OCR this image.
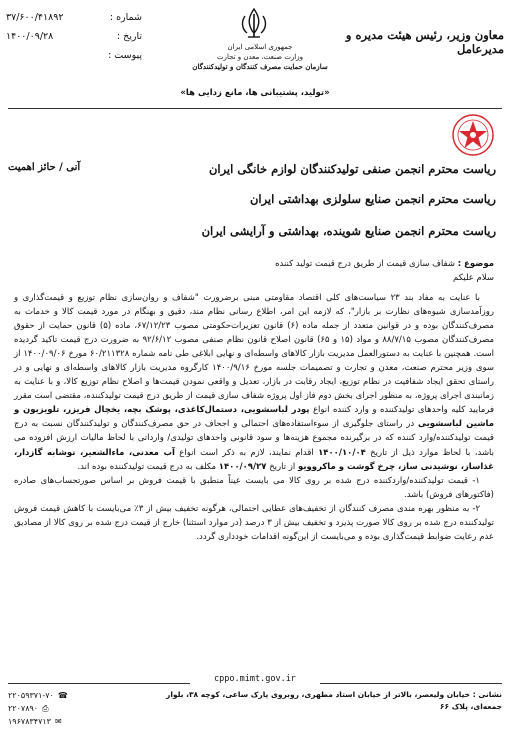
۳۷/۶۰۰/۴۱۸۹۲	شماره :
۱۴۰۰/۰۹/۲۸	تاریخ :
پیوست :
جمهوری اسلامی ایران
وزارت صنعت، معدن و تجارت
سازمان حمایت مصرف کنندگان و تولیدکنندگان
معاون وزیر، رئیس هیئت مدیره و مدیرعامل
«تولید، پشتیبانی ها، مانع زدایی ها»
آنی / حائز اهمیت	ریاست محترم انجمن صنفی تولیدکنندگان لوازم خانگی ایران
ریاست محترم انجمن صنایع سلولزی بهداشتی ایران
ریاست محترم انجمن صنایع شوینده، بهداشتی و آرایشی ایران
موضوع : شفاف سازی قیمت از طریق درج قیمت تولید کننده
سلام علیکم

با عنایت به مفاد بند ۲۳ سیاست‌های کلی اقتصاد مقاومتی مبنی برضرورت "شفاف و روان‌سازی نظام توزیع و قیمت‌گذاری و روزآمدسازی شیوه‌های نظارت بر بازار"، که لازمه این امر، اطلاع رسانی نظام مند، دقیق و بهنگام در مورد قیمت کالا و خدمات به مصرف‌کنندگان بوده و در قوانین متعدد از جمله ماده (۶) قانون تعزیرات‌حکومتی مصوب ۶۷/۱۲/۲۳، ماده (۵) قانون حمایت از حقوق مصرف‌کنندگان مصوب ۸۸/۷/۱۵ و مواد (۱۵ و ۶۵) قانون اصلاح قانون نظام صنفی مصوب ۹۲/۶/۱۲ به ضرورت درج قیمت تاکید گردیده است. همچنین با عنایت به دستورالعمل مدیریت بازار کالاهای واسطه‌ای و نهایی ابلاغی طی نامه شماره ۶۰/۲۱۱۳۲۸ مورخ ۱۴۰۰/۰۹/۰۶ از سوی وزیر محترم صنعت، معدن و تجارت و تصمیمات جلسه مورخ ۱۴۰۰/۹/۱۶ کارگروه مدیریت بازار کالاهای واسطه‌ای و نهایی و در راستای تحقق ایجاد شفافیت در نظام توزیع، ایجاد رقابت در بازار، تعدیل و واقعی نمودن قیمت‌ها و اصلاح نظام توزیع کالا، و با عنایت به زمانبندی اجرای پروژه، به منظور اجرای بخش دوم فاز اول پروژه شفاف سازی قیمت از طریق درج قیمت تولیدکننده، مقتضی است مقرر فرمایید کلیه واحدهای تولیدکننده و وارد کننده انواع پودر لباسشویی، دستمال‌کاغذی، پوشک بچه، یخچال فریزر، تلویزیون و ماشین لباسشویی در راستای جلوگیری از سوءاستفاده‌های احتمالی و اجحاف در حق مصرف‌کنندگان و تولیدکنندگان نسبت به درج قیمت تولیدکننده/وارد کننده که در برگیرنده مجموع هزینه‌ها و سود قانونی واحدهای تولیدی/ وارداتی با لحاظ مالیات ارزش افزوده می باشد، با لحاظ موارد ذیل از تاریخ ۱۴۰۰/۱۰/۰۴ اقدام نمایند، لازم به ذکر است انواع آب معدنی، ماءالشعیر، نوشابه گازدار، غذاساز، نوشیدنی ساز، چرخ گوشت و ماکروویو از تاریخ ۱۴۰۰/۰۹/۲۷ مکلف به درج قیمت تولیدکننده بوده اند.

۱- قیمت تولیدکننده/وارد‌کننده درج شده بر روی کالا می بایست عیناً منطبق با قیمت فروش بر اساس صورتحساب‌های صادره (فاکتورهای فروش) باشد.

۲- به منظور بهره مندی مصرف کنندگان از تخفیف‌های عطایی احتمالی، هرگونه تخفیف بیش از ۳٪ می‌بایست با کاهش قیمت فروش تولیدکننده درج شده بر روی کالا صورت پذیرد و تخفیف بیش از ۳ درصد (در موارد استثنا) خارج از قیمت درج شده بر روی کالا از مصادیق عدم رعایت ضوابط قیمت‌گذاری بوده و می‌بایست از این‌گونه اقدامات خودداری گردد.

cppo.mimt.gov.ir
نشانی : خیابان ولیعصر، بالاتر از خیابان استاد مطهری، روبروی پارک ساعی، کوچه ۳۸، بلوار جمعه‌ای، پلاک ۶۶
۲۲۰۵۹۳۷۱-۷۰ ☎
۲۲۰۷۸۹۰ ⎙
۱۹۶۷۸۳۴۷۱۳ ✉
